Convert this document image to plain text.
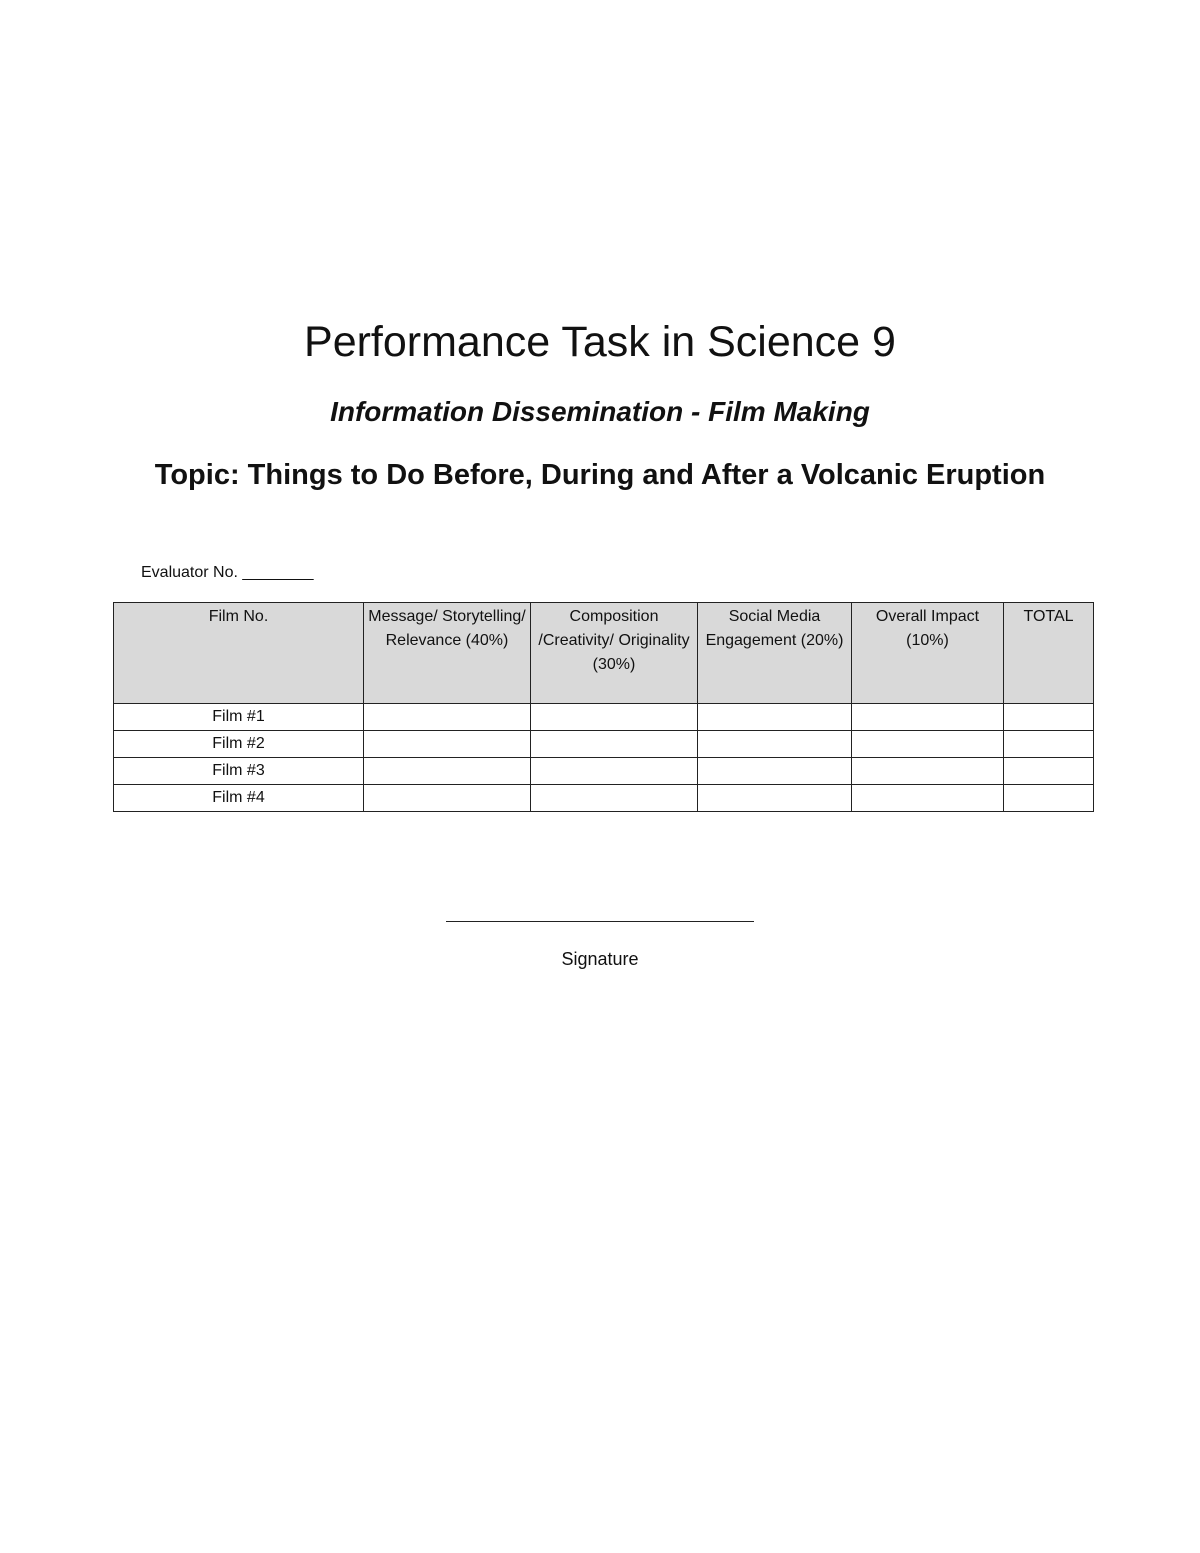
Performance Task in Science 9
Information Dissemination - Film Making
Topic: Things to Do Before, During and After a Volcanic Eruption
Evaluator No. ________
Film No.	Message/ Storytelling/ Relevance (40%)	Composition /Creativity/ Originality (30%)	Social Media Engagement (20%)	Overall Impact (10%)	TOTAL
Film #1					
Film #2					
Film #3					
Film #4					
Signature
